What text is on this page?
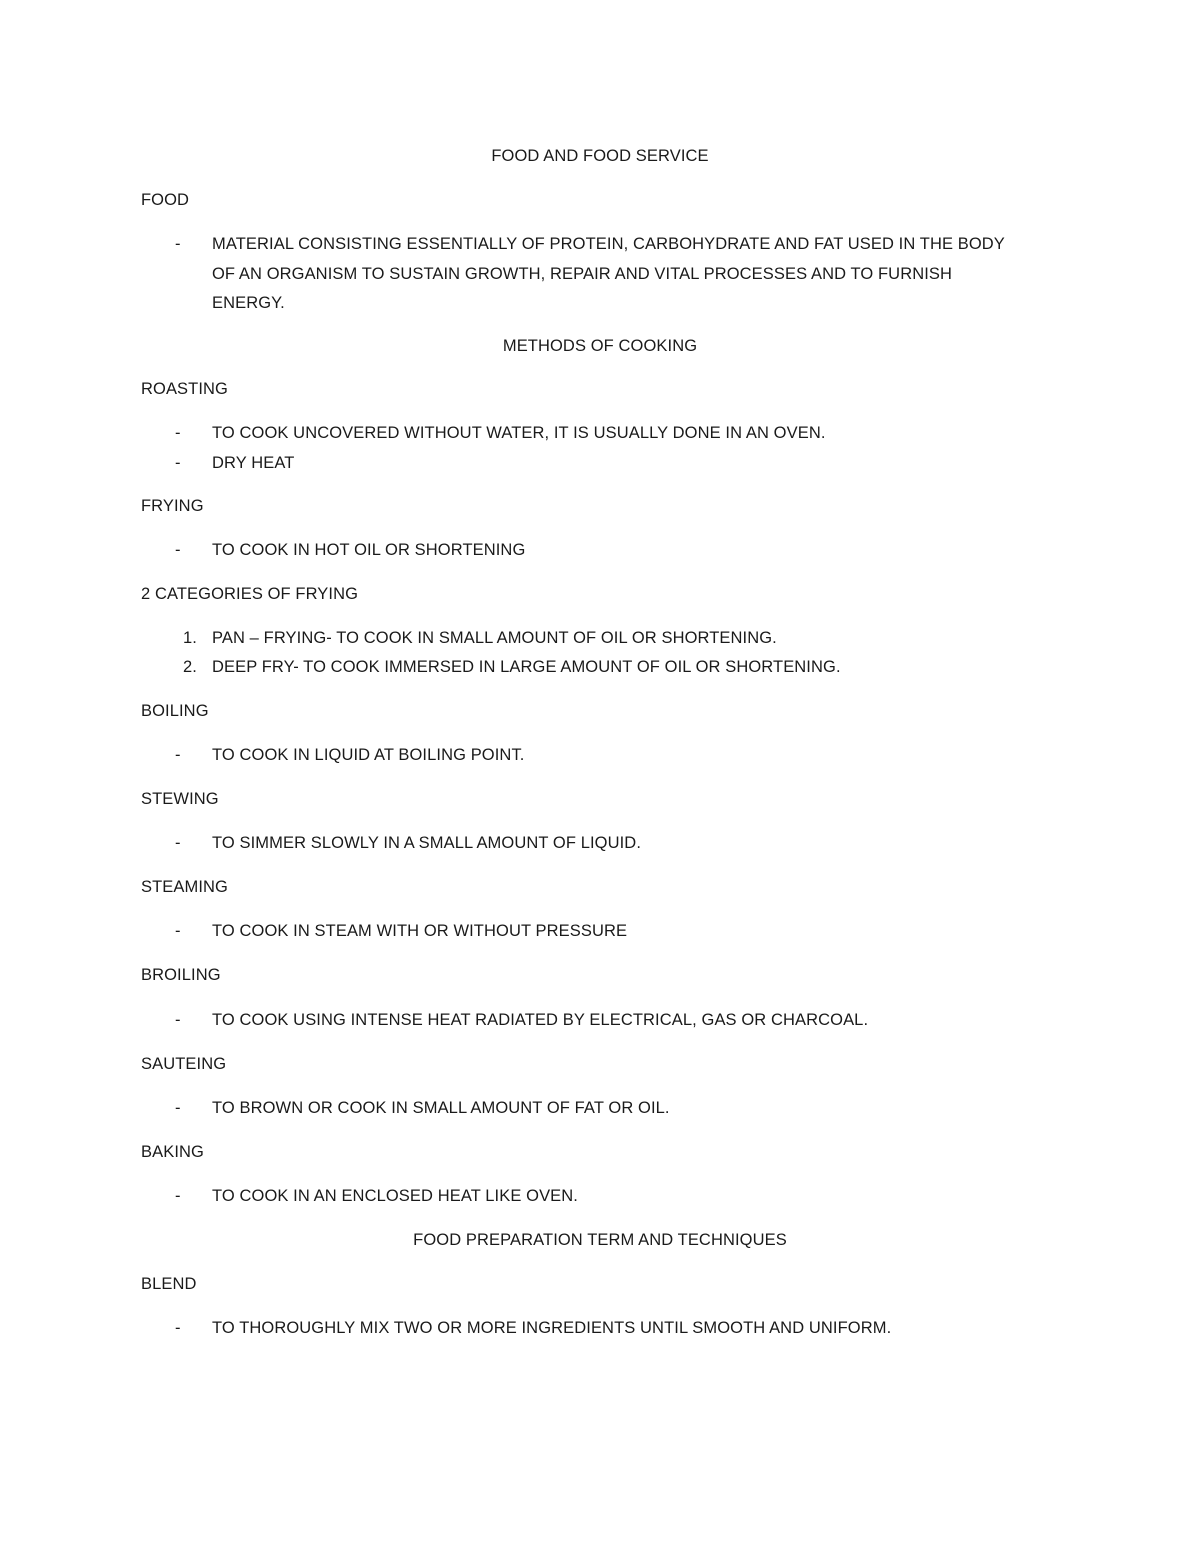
FOOD AND FOOD SERVICE
FOOD
- MATERIAL CONSISTING ESSENTIALLY OF PROTEIN, CARBOHYDRATE AND FAT USED IN THE BODY
OF AN ORGANISM TO SUSTAIN GROWTH, REPAIR AND VITAL PROCESSES AND TO FURNISH
ENERGY.
METHODS OF COOKING
ROASTING
- TO COOK UNCOVERED WITHOUT WATER, IT IS USUALLY DONE IN AN OVEN.
- DRY HEAT
FRYING
- TO COOK IN HOT OIL OR SHORTENING
2 CATEGORIES OF FRYING
1. PAN – FRYING- TO COOK IN SMALL AMOUNT OF OIL OR SHORTENING.
2. DEEP FRY- TO COOK IMMERSED IN LARGE AMOUNT OF OIL OR SHORTENING.
BOILING
- TO COOK IN LIQUID AT BOILING POINT.
STEWING
- TO SIMMER SLOWLY IN A SMALL AMOUNT OF LIQUID.
STEAMING
- TO COOK IN STEAM WITH OR WITHOUT PRESSURE
BROILING
- TO COOK USING INTENSE HEAT RADIATED BY ELECTRICAL, GAS OR CHARCOAL.
SAUTEING
- TO BROWN OR COOK IN SMALL AMOUNT OF FAT OR OIL.
BAKING
- TO COOK IN AN ENCLOSED HEAT LIKE OVEN.
FOOD PREPARATION TERM AND TECHNIQUES
BLEND
- TO THOROUGHLY MIX TWO OR MORE INGREDIENTS UNTIL SMOOTH AND UNIFORM.
